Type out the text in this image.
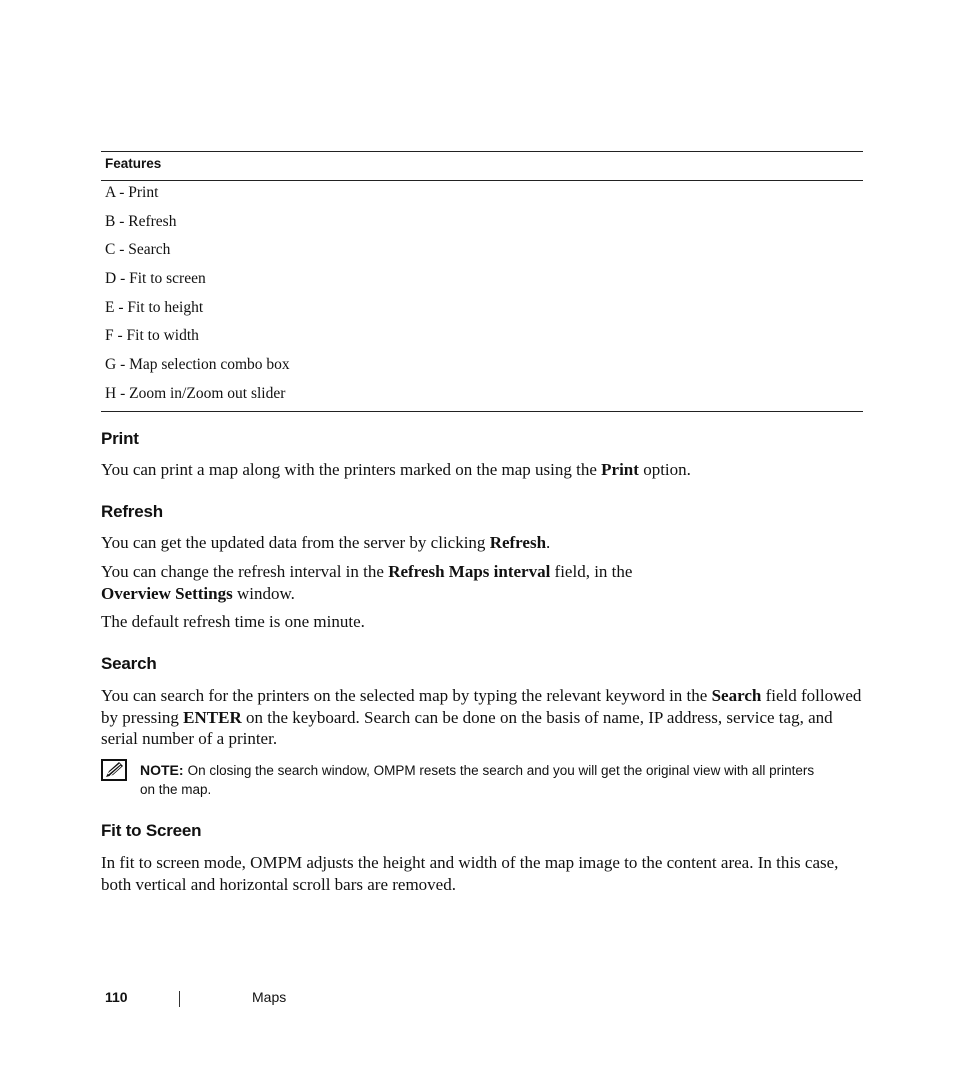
Features
A - Print
B - Refresh
C - Search
D - Fit to screen
E - Fit to height
F - Fit to width
G - Map selection combo box
H - Zoom in/Zoom out slider
Print

You can print a map along with the printers marked on the map using the Print option.

Refresh

You can get the updated data from the server by clicking Refresh.

You can change the refresh interval in the Refresh Maps interval field, in the
Overview Settings window.

The default refresh time is one minute.

Search

You can search for the printers on the selected map by typing the relevant keyword in the Search field followed by pressing ENTER on the keyboard. Search can be done on the basis of name, IP address, service tag, and serial number of a printer.

NOTE: On closing the search window, OMPM resets the search and you will get the original view with all printers on the map.
Fit to Screen

In fit to screen mode, OMPM adjusts the height and width of the map image to the content area. In this case, both vertical and horizontal scroll bars are removed.

110	Maps
